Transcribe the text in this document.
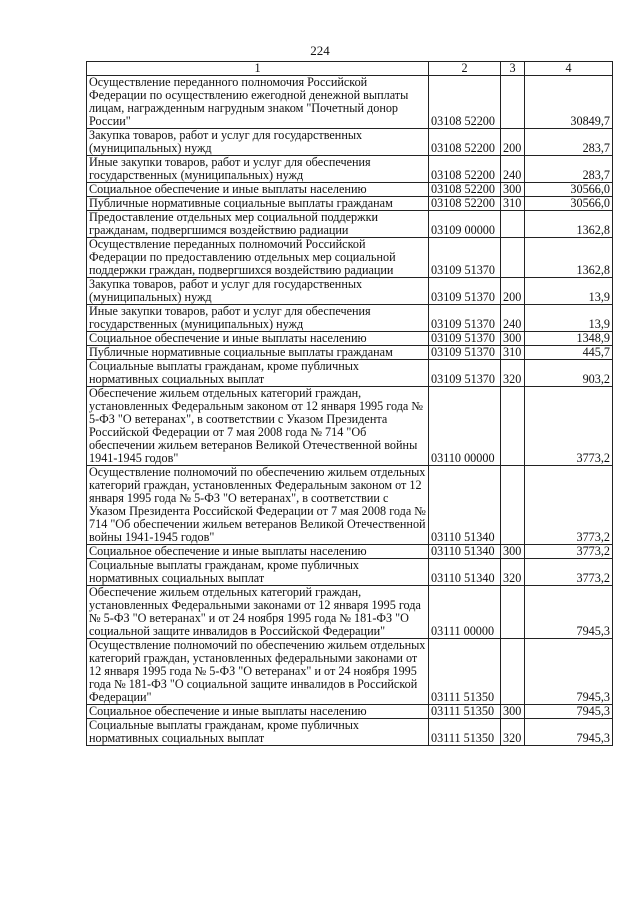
224
1	2	3	4
Осуществление переданного полномочия Российской Федерации по осуществлению ежегодной денежной выплаты лицам, награжденным нагрудным знаком "Почетный донор России"	03108 52200		30849,7
Закупка товаров, работ и услуг для государственных (муниципальных) нужд	03108 52200	200	283,7
Иные закупки товаров, работ и услуг для обеспечения государственных (муниципальных) нужд	03108 52200	240	283,7
Социальное обеспечение и иные выплаты населению	03108 52200	300	30566,0
Публичные нормативные социальные выплаты гражданам	03108 52200	310	30566,0
Предоставление отдельных мер социальной поддержки гражданам, подвергшимся воздействию радиации	03109 00000		1362,8
Осуществление переданных полномочий Российской Федерации по предоставлению отдельных мер социальной поддержки граждан, подвергшихся воздействию радиации	03109 51370		1362,8
Закупка товаров, работ и услуг для государственных (муниципальных) нужд	03109 51370	200	13,9
Иные закупки товаров, работ и услуг для обеспечения государственных (муниципальных) нужд	03109 51370	240	13,9
Социальное обеспечение и иные выплаты населению	03109 51370	300	1348,9
Публичные нормативные социальные выплаты гражданам	03109 51370	310	445,7
Социальные выплаты гражданам, кроме публичных нормативных социальных выплат	03109 51370	320	903,2
Обеспечение жильем отдельных категорий граждан, установленных Федеральным законом от 12 января 1995 года № 5-ФЗ "О ветеранах", в соответствии с Указом Президента Российской Федерации от 7 мая 2008 года № 714 "Об обеспечении жильем ветеранов Великой Отечественной войны 1941-1945 годов"	03110 00000		3773,2
Осуществление полномочий по обеспечению жильем отдельных категорий граждан, установленных Федеральным законом от 12 января 1995 года № 5-ФЗ "О ветеранах", в соответствии с Указом Президента Российской Федерации от 7 мая 2008 года № 714 "Об обеспечении жильем ветеранов Великой Отечественной войны 1941-1945 годов"	03110 51340		3773,2
Социальное обеспечение и иные выплаты населению	03110 51340	300	3773,2
Социальные выплаты гражданам, кроме публичных нормативных социальных выплат	03110 51340	320	3773,2
Обеспечение жильем отдельных категорий граждан, установленных Федеральными законами от 12 января 1995 года № 5-ФЗ "О ветеранах" и от 24 ноября 1995 года № 181-ФЗ "О социальной защите инвалидов в Российской Федерации"	03111 00000		7945,3
Осуществление полномочий по обеспечению жильем отдельных категорий граждан, установленных федеральными законами от 12 января 1995 года № 5-ФЗ "О ветеранах" и от 24 ноября 1995 года № 181-ФЗ "О социальной защите инвалидов в Российской Федерации"	03111 51350		7945,3
Социальное обеспечение и иные выплаты населению	03111 51350	300	7945,3
Социальные выплаты гражданам, кроме публичных нормативных социальных выплат	03111 51350	320	7945,3
